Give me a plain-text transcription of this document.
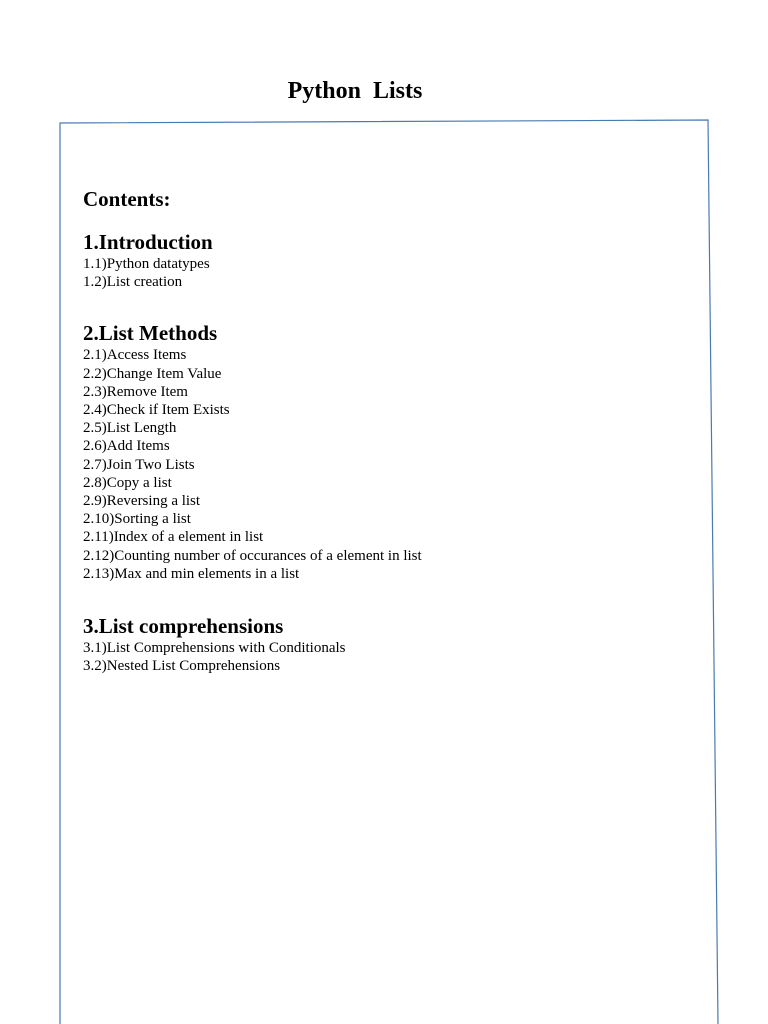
Python  Lists
Contents:
1.Introduction
1.1)Python datatypes
1.2)List creation
2.List Methods
2.1)Access Items
2.2)Change Item Value
2.3)Remove Item
2.4)Check if Item Exists
2.5)List Length
2.6)Add Items
2.7)Join Two Lists
2.8)Copy a list
2.9)Reversing a list
2.10)Sorting a list
2.11)Index of a element in list
2.12)Counting number of occurances of a element in list
2.13)Max and min elements in a list
3.List comprehensions
3.1)List Comprehensions with Conditionals
3.2)Nested List Comprehensions
